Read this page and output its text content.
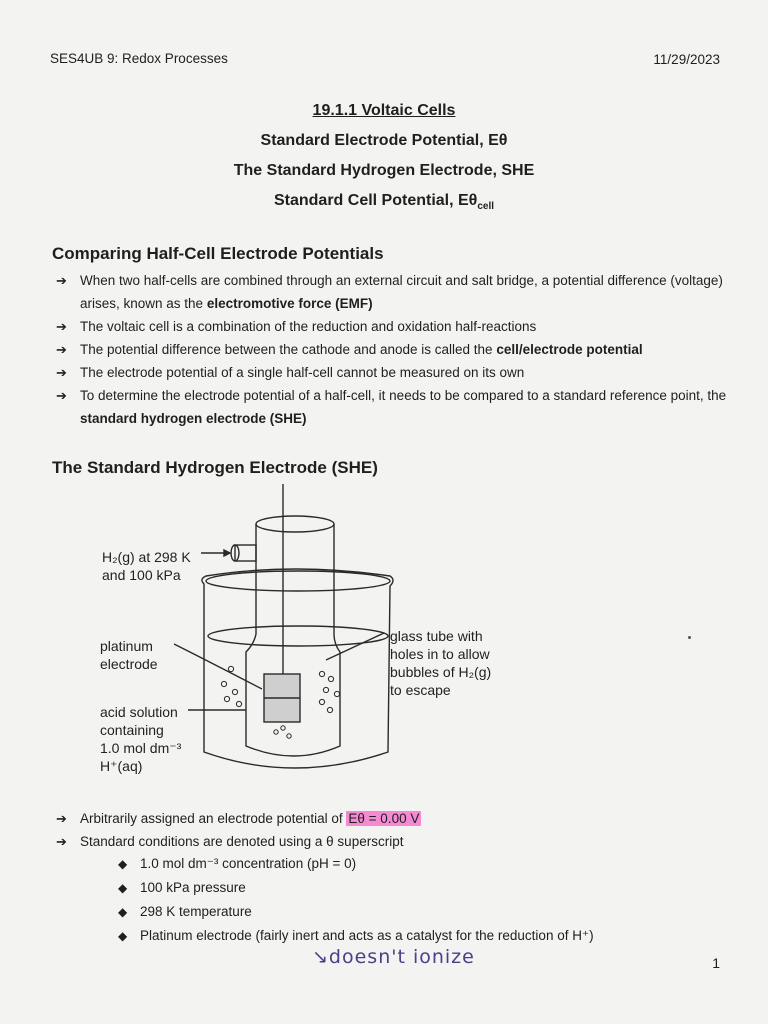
SES4UB 9: Redox Processes	11/29/2023
19.1.1 Voltaic Cells
Standard Electrode Potential, Eθ
The Standard Hydrogen Electrode, SHE
Standard Cell Potential, $E\theta_{cell}$
Comparing Half-Cell Electrode Potentials
➔ When two half-cells are combined through an external circuit and salt bridge, a potential difference (voltage) arises, known as the electromotive force (EMF)
➔ The voltaic cell is a combination of the reduction and oxidation half-reactions
➔ The potential difference between the cathode and anode is called the cell/electrode potential
➔ The electrode potential of a single half-cell cannot be measured on its own
➔ To determine the electrode potential of a half-cell, it needs to be compared to a standard reference point, the standard hydrogen electrode (SHE)
The Standard Hydrogen Electrode (SHE)
H₂(g) at 298 K
and 100 kPa
platinum
electrode
acid solution
containing
1.0 mol dm⁻³
H⁺(aq)
glass tube with
holes in to allow
bubbles of H₂(g)
to escape
➔ Arbitrarily assigned an electrode potential of Eθ = 0.00 V
➔ Standard conditions are denoted using a θ superscript
◆ 1.0 mol dm⁻³ concentration (pH = 0)
◆ 100 kPa pressure
◆ 298 K temperature
◆ Platinum electrode (fairly inert and acts as a catalyst for the reduction of H⁺)
↘doesn't ionize	1
